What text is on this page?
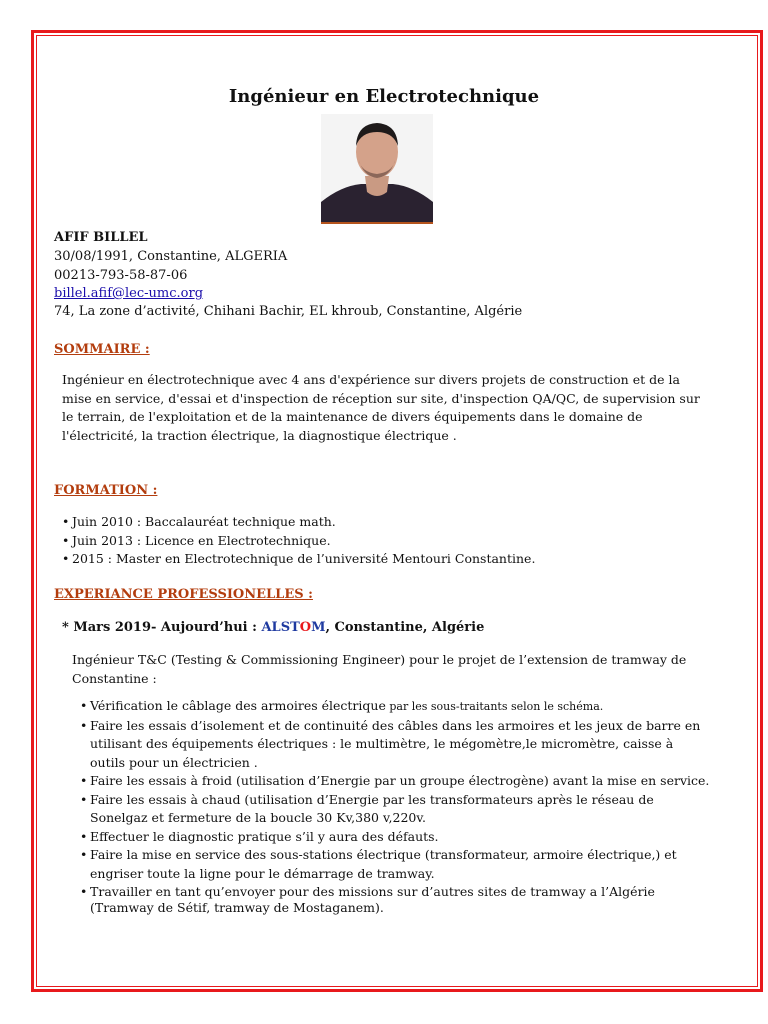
Ingénieur en Electrotechnique
AFIF BILLEL
30/08/1991, Constantine, ALGERIA
00213-793-58-87-06
billel.afif@lec-umc.org
74, La zone d’activité, Chihani Bachir, EL khroub, Constantine, Algérie
SOMMAIRE :
Ingénieur en électrotechnique avec 4 ans d'expérience sur divers projets de construction et de la
mise en service, d'essai et d'inspection de réception sur site, d'inspection QA/QC, de supervision sur
le terrain, de l'exploitation et de la maintenance de divers équipements dans le domaine de
l'électricité, la traction électrique, la diagnostique électrique .
FORMATION :
• Juin 2010 : Baccalauréat technique math.
• Juin 2013 : Licence en Electrotechnique.
• 2015 : Master en Electrotechnique de l’université Mentouri Constantine.
EXPERIANCE PROFESSIONELLES :
* Mars 2019- Aujourd’hui : ALSTOM, Constantine, Algérie
Ingénieur T&C (Testing & Commissioning Engineer) pour le projet de l’extension de tramway de
Constantine :
• Vérification le câblage des armoires électrique par les sous-traitants selon le schéma.
• Faire les essais d’isolement et de continuité des câbles dans les armoires et les jeux de barre en
utilisant des équipements électriques : le multimètre, le mégomètre,le micromètre, caisse à
outils pour un électricien .
• Faire les essais à froid (utilisation d’Energie par un groupe électrogène) avant la mise en service.
• Faire les essais à chaud (utilisation d’Energie par les transformateurs après le réseau de
Sonelgaz et fermeture de la boucle 30 Kv,380 v,220v.
• Effectuer le diagnostic pratique s’il y aura des défauts.
• Faire la mise en service des sous-stations électrique (transformateur, armoire électrique,) et
engriser toute la ligne pour le démarrage de tramway.
• Travailler en tant qu’envoyer pour des missions sur d’autres sites de tramway a l’Algérie
(Tramway de Sétif, tramway de Mostaganem).
